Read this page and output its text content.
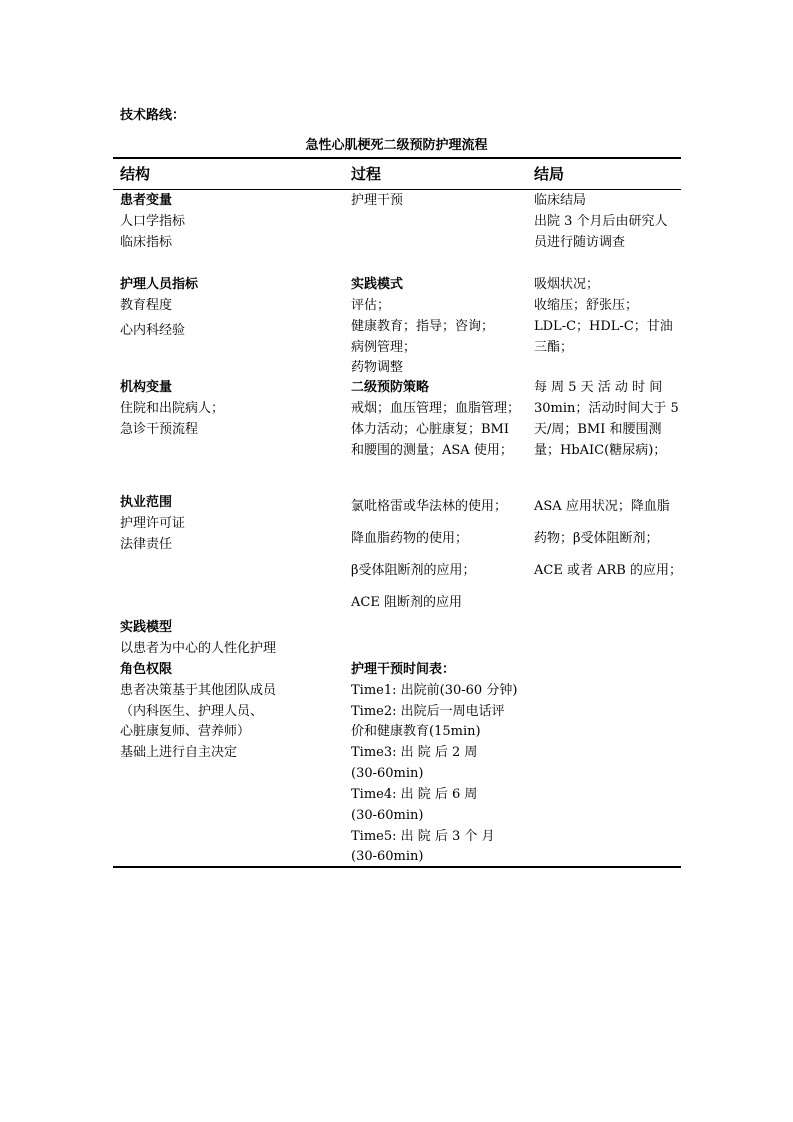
技术路线：
急性心肌梗死二级预防护理流程
结构	过程	结局
患者变量
人口学指标
临床指标
护理人员指标
教育程度
心内科经验
机构变量
住院和出院病人；
急诊干预流程
执业范围
护理许可证
法律责任
实践模型
以患者为中心的人性化护理
角色权限
患者决策基于其他团队成员
（内科医生、护理人员、
心脏康复师、营养师）
基础上进行自主决定
护理干预
实践模式
评估；
健康教育；指导；咨询；
病例管理；
药物调整
二级预防策略
戒烟；血压管理；血脂管理；
体力活动；心脏康复；BMI
和腰围的测量；ASA 使用；
氯吡格雷或华法林的使用；
降血脂药物的使用；
β受体阻断剂的应用；
ACE 阻断剂的应用
护理干预时间表：
Time1: 出院前(30-60 分钟)
Time2: 出院后一周电话评
价和健康教育(15min)
Time3: 出 院 后 2 周
(30-60min)
Time4: 出 院 后 6 周
(30-60min)
Time5: 出 院 后 3 个 月
(30-60min)
临床结局
出院 3 个月后由研究人
员进行随访调查
吸烟状况；
收缩压；舒张压；
LDL-C；HDL-C；甘油
三酯；
每 周 5 天 活 动 时 间
30min；活动时间大于 5
天/周；BMI 和腰围测
量；HbAIC(糖尿病)；
ASA 应用状况；降血脂
药物；β受体阻断剂；
ACE 或者 ARB 的应用；
